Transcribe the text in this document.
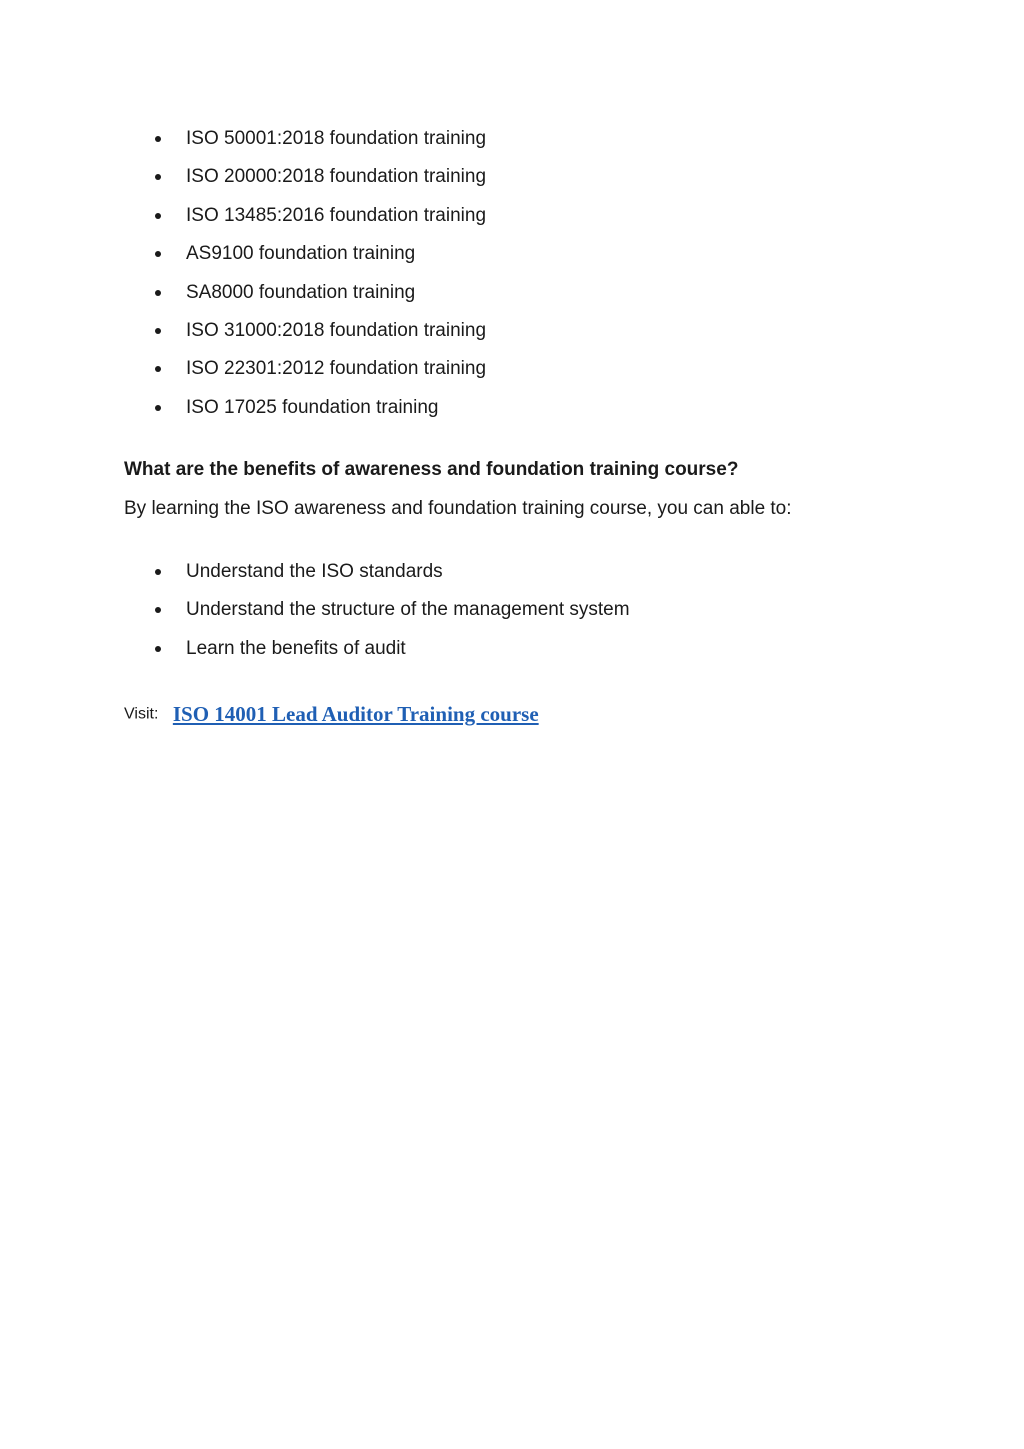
ISO 50001:2018 foundation training
ISO 20000:2018 foundation training
ISO 13485:2016 foundation training
AS9100 foundation training
SA8000 foundation training
ISO 31000:2018 foundation training
ISO 22301:2012 foundation training
ISO 17025 foundation training
What are the benefits of awareness and foundation training course?

By learning the ISO awareness and foundation training course, you can able to:

Understand the ISO standards
Understand the structure of the management system
Learn the benefits of audit
Visit: ISO 14001 Lead Auditor Training course
